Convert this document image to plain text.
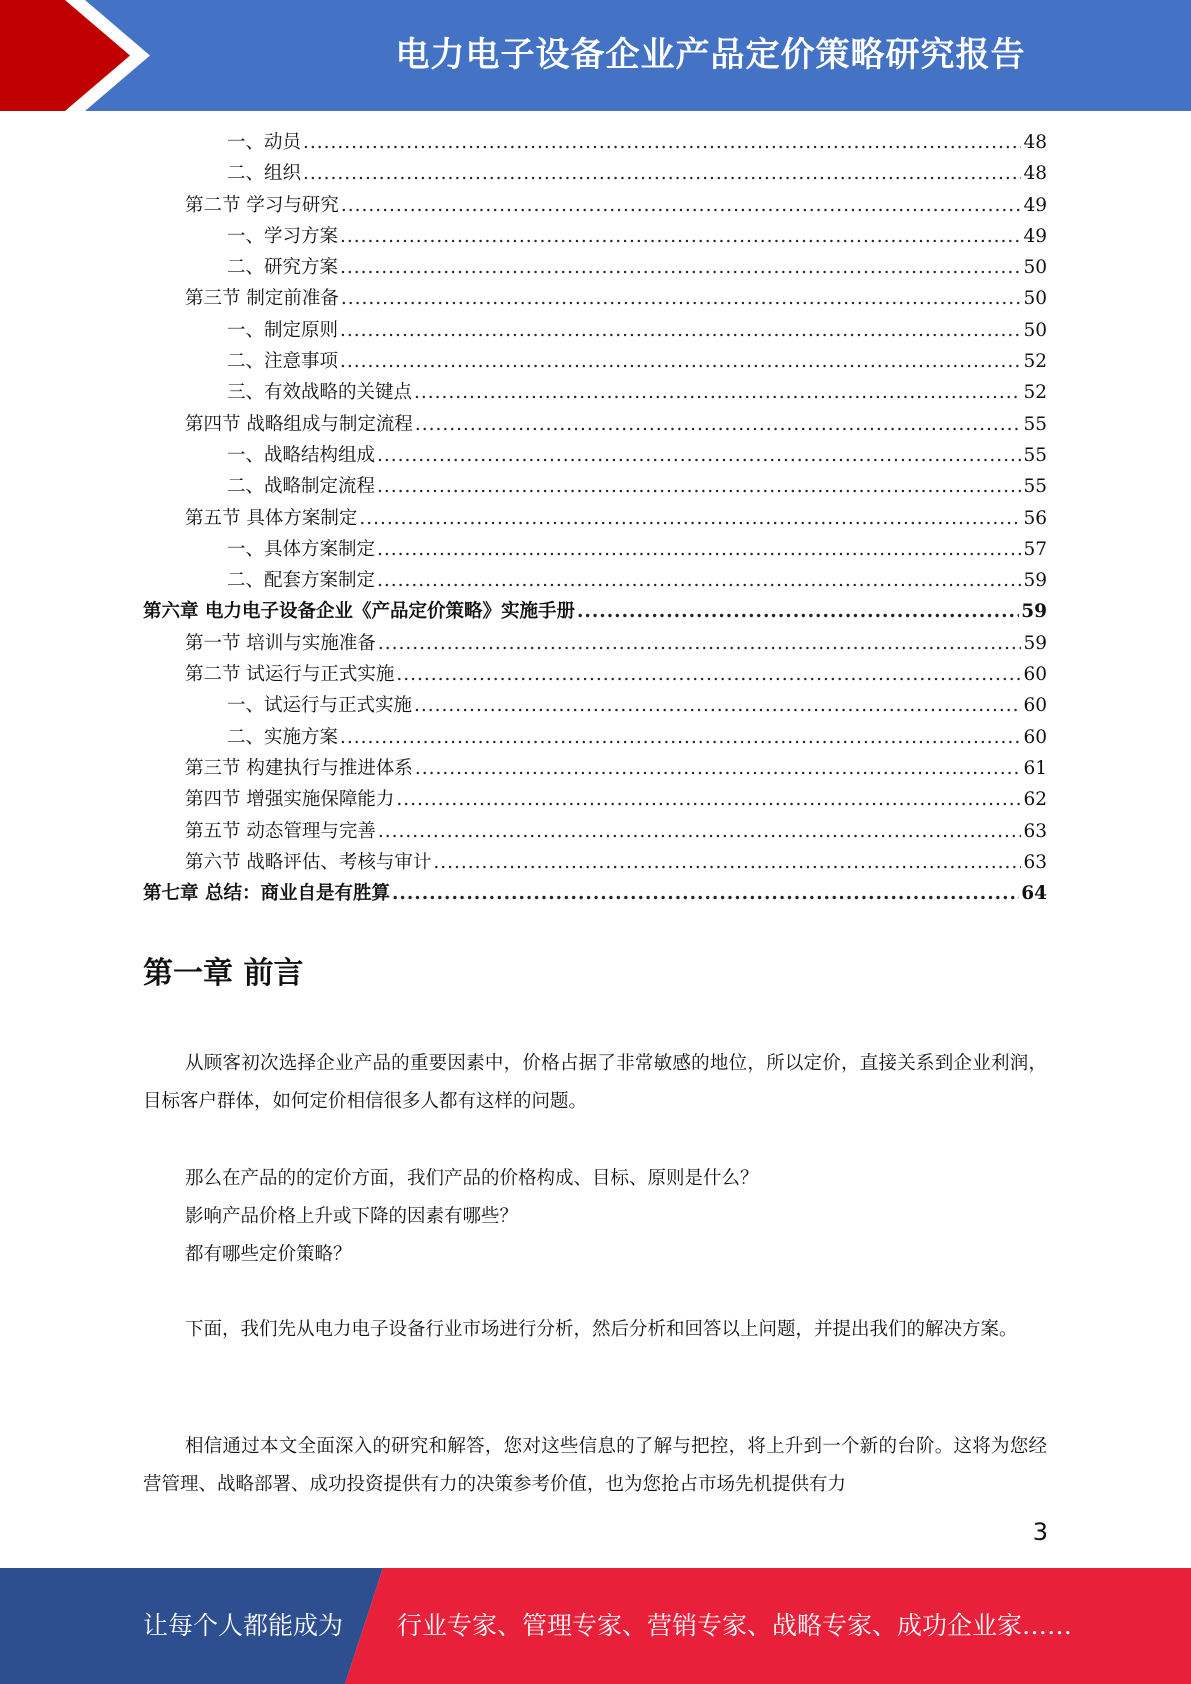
电力电子设备企业产品定价策略研究报告
一、动员 .....	48
二、组织 .....	48
第二节 学习与研究 .....	49
一、学习方案 .....	49
二、研究方案 .....	50
第三节 制定前准备 .....	50
一、制定原则 .....	50
二、注意事项 .....	52
三、有效战略的关键点 .....	52
第四节 战略组成与制定流程 .....	55
一、战略结构组成 .....	55
二、战略制定流程 .....	55
第五节 具体方案制定 .....	56
一、具体方案制定 .....	57
二、配套方案制定 .....	59
第六章 电力电子设备企业《产品定价策略》实施手册 .....	59
第一节 培训与实施准备 .....	59
第二节 试运行与正式实施 .....	60
一、试运行与正式实施 .....	60
二、实施方案 .....	60
第三节 构建执行与推进体系 .....	61
第四节 增强实施保障能力 .....	62
第五节 动态管理与完善 .....	63
第六节 战略评估、考核与审计 .....	63
第七章 总结：商业自是有胜算 .....	64
第一章 前言

从顾客初次选择企业产品的重要因素中，价格占据了非常敏感的地位，所以定价，直接关系到企业利润，目标客户群体，如何定价相信很多人都有这样的问题。

那么在产品的的定价方面，我们产品的价格构成、目标、原则是什么？

影响产品价格上升或下降的因素有哪些？

都有哪些定价策略？

下面，我们先从电力电子设备行业市场进行分析，然后分析和回答以上问题，并提出我们的解决方案。

相信通过本文全面深入的研究和解答，您对这些信息的了解与把控，将上升到一个新的台阶。这将为您经营管理、战略部署、成功投资提供有力的决策参考价值，也为您抢占市场先机提供有力

3
让每个人都能成为 行业专家、管理专家、营销专家、战略专家、成功企业家……
